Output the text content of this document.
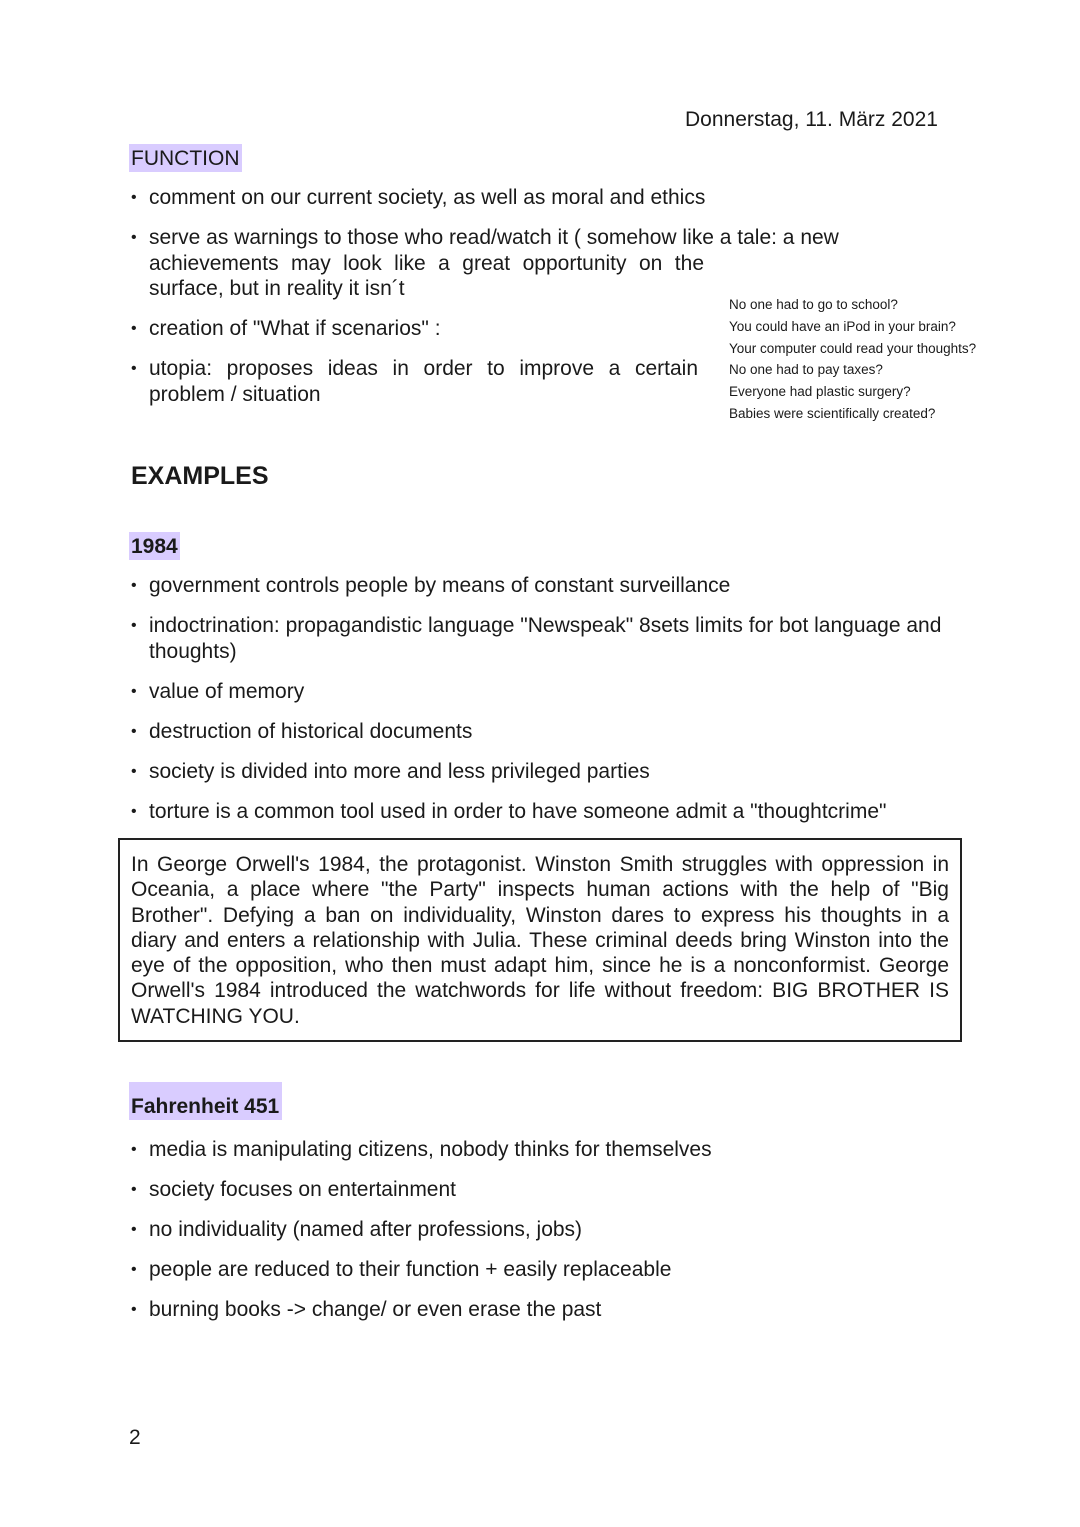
Donnerstag, 11. März 2021
FUNCTION
• comment on our current society, as well as moral and ethics
• serve as warnings to those who read/watch it ( somehow like a tale: a new
achievements may look like a great opportunity on the surface, but in reality it isn´t
• creation of "What if scenarios" :
• utopia: proposes ideas in order to improve a certain problem / situation
No one had to go to school?
You could have an iPod in your brain?
Your computer could read your thoughts?
No one had to pay taxes?
Everyone had plastic surgery?
Babies were scientifically created?
EXAMPLES
1984
• government controls people by means of constant surveillance
• indoctrination: propagandistic language "Newspeak" 8sets limits for bot language and thoughts)
• value of memory
• destruction of historical documents
• society is divided into more and less privileged parties
• torture is a common tool used in order to have someone admit a "thoughtcrime"
In George Orwell's 1984, the protagonist. Winston Smith struggles with oppression in Oceania, a place where "the Party" inspects human actions with the help of "Big Brother". Defying a ban on individuality, Winston dares to express his thoughts in a diary and enters a relationship with Julia. These criminal deeds bring Winston into the eye of the opposition, who then must adapt him, since he is a nonconformist. George Orwell's 1984 introduced the watchwords for life without freedom: BIG BROTHER IS WATCHING YOU.
Fahrenheit 451
• media is manipulating citizens, nobody thinks for themselves
• society focuses on entertainment
• no individuality (named after professions, jobs)
• people are reduced to their function + easily replaceable
• burning books -> change/ or even erase the past
2
